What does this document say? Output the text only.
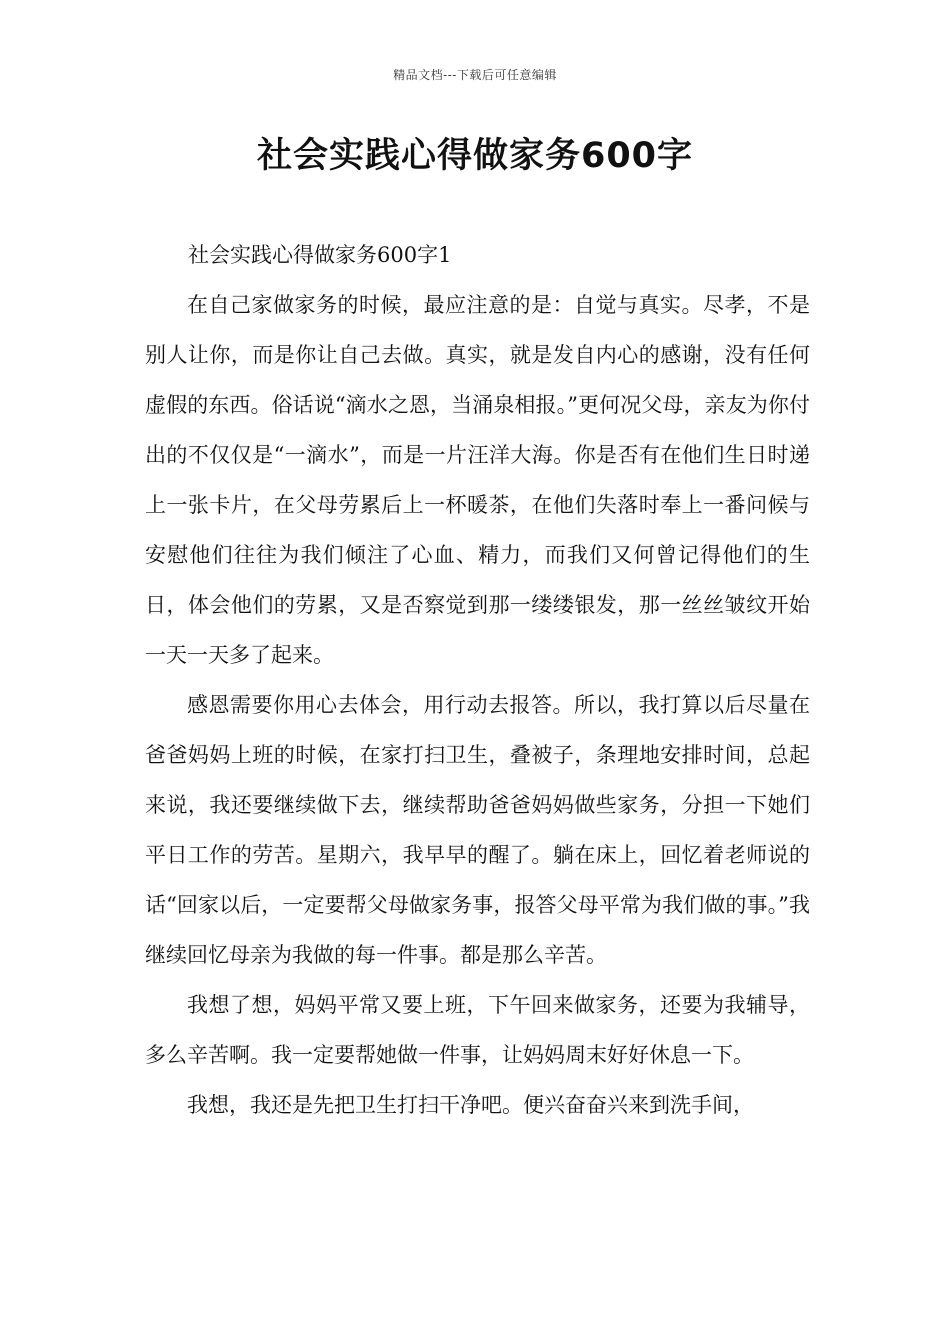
精品文档---下载后可任意编辑
社会实践心得做家务600字

社会实践心得做家务600字1

在自己家做家务的时候，最应注意的是：自觉与真实。尽孝，不是别人让你，而是你让自己去做。真实，就是发自内心的感谢，没有任何虚假的东西。俗话说“滴水之恩，当涌泉相报。”更何况父母，亲友为你付出的不仅仅是“一滴水”，而是一片汪洋大海。你是否有在他们生日时递上一张卡片，在父母劳累后上一杯暖茶，在他们失落时奉上一番问候与安慰他们往往为我们倾注了心血、精力，而我们又何曾记得他们的生日，体会他们的劳累，又是否察觉到那一缕缕银发，那一丝丝皱纹开始一天一天多了起来。

感恩需要你用心去体会，用行动去报答。所以，我打算以后尽量在爸爸妈妈上班的时候，在家打扫卫生，叠被子，条理地安排时间，总起来说，我还要继续做下去，继续帮助爸爸妈妈做些家务，分担一下她们平日工作的劳苦。星期六，我早早的醒了。躺在床上，回忆着老师说的话“回家以后，一定要帮父母做家务事，报答父母平常为我们做的事。”我继续回忆母亲为我做的每一件事。都是那么辛苦。

我想了想，妈妈平常又要上班，下午回来做家务，还要为我辅导，多么辛苦啊。我一定要帮她做一件事，让妈妈周末好好休息一下。

我想，我还是先把卫生打扫干净吧。便兴奋奋兴来到洗手间，
